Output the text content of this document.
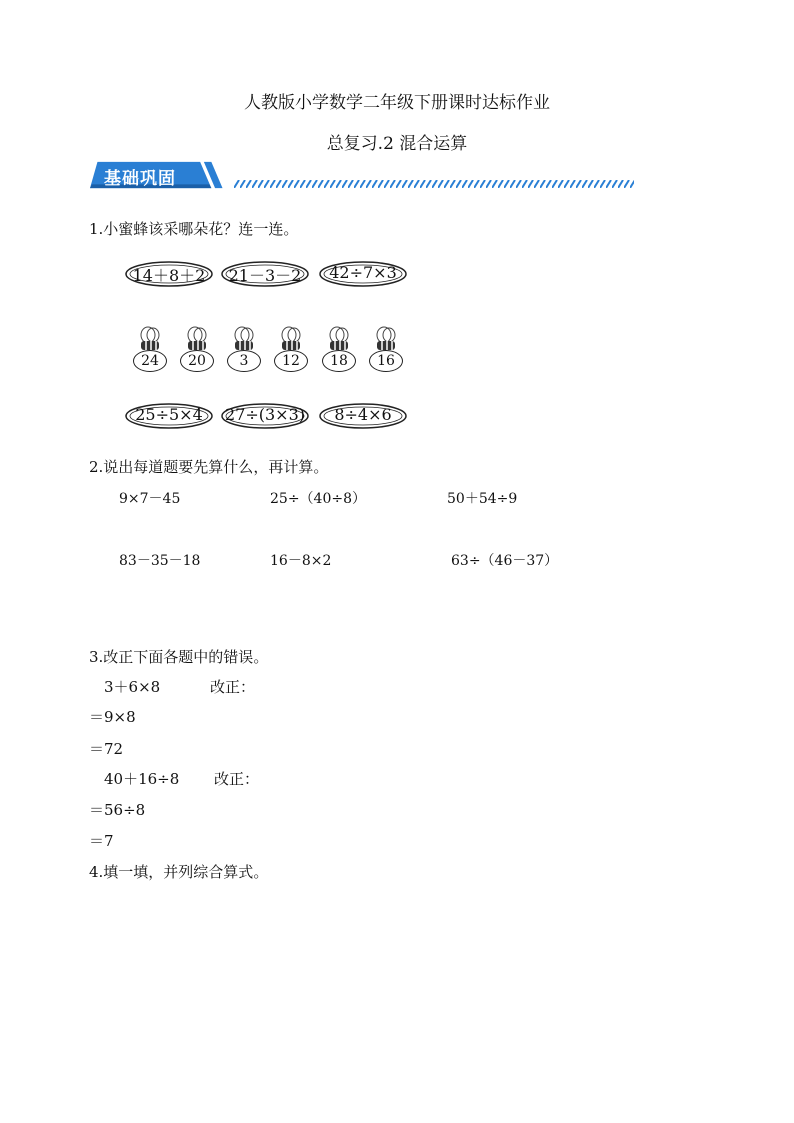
人教版小学数学二年级下册课时达标作业
总复习.2 混合运算
基础巩固
1.小蜜蜂该采哪朵花？连一连。
14＋8＋2	21－3－2	42÷7×3
24	20	3	12	18	16
25÷5×4	27÷(3×3)	8÷4×6
2.说出每道题要先算什么，再计算。
9×7－45	25÷（40÷8）	50＋54÷9
83－35－18	16－8×2	63÷（46－37）
3.改正下面各题中的错误。
3＋6×8	改正：
＝9×8
＝72
40＋16÷8 改正：
＝56÷8
＝7
4.填一填，并列综合算式。
